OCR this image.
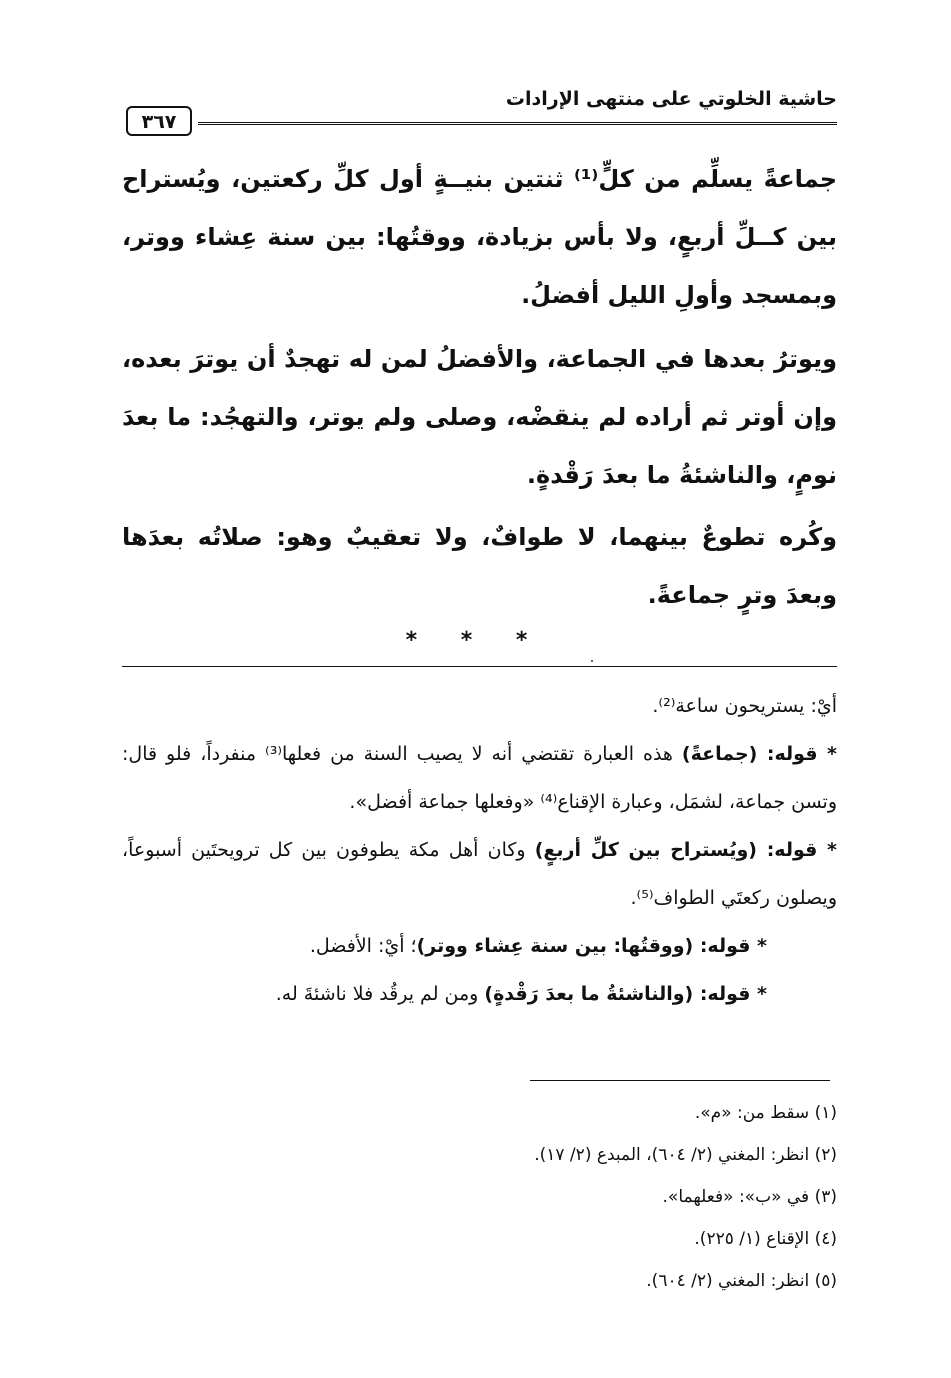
حاشية الخلوتي على منتهى الإرادات
٣٦٧

جماعةً يسلِّم من كلٍّ⁽¹⁾ ثنتين بنيــةٍ أول كلِّ ركعتين، ويُستراح بين كــلِّ أربعٍ، ولا بأس بزيادة، ووقتُها: بين سنة عِشاء ووتر، وبمسجد وأولِ الليل أفضلُ.

ويوترُ بعدها في الجماعة، والأفضلُ لمن له تهجدٌ أن يوترَ بعده، وإن أوتر ثم أراده لم ينقضْه، وصلى ولم يوتر، والتهجُد: ما بعدَ نومٍ، والناشئةُ ما بعدَ رَقْدةٍ.

وكُره تطوعٌ بينهما، لا طوافٌ، ولا تعقيبٌ وهو: صلاتُه بعدَها وبعدَ وترٍ جماعةً.

* * *

أيْ: يستريحون ساعة⁽²⁾.

* قوله: (جماعةً) هذه العبارة تقتضي أنه لا يصيب السنة من فعلها⁽³⁾ منفرداً، فلو قال: وتسن جماعة، لشمَل، وعبارة الإقناع⁽⁴⁾ «وفعلها جماعة أفضل».

* قوله: (ويُستراح بين كلِّ أربعٍ) وكان أهل مكة يطوفون بين كل ترويحتَين أسبوعاً، ويصلون ركعتَي الطواف⁽⁵⁾.

* قوله: (ووقتُها: بين سنة عِشاء ووتر)؛ أيْ: الأفضل.

* قوله: (والناشئةُ ما بعدَ رَقْدةٍ) ومن لم يرقُد فلا ناشئةَ له.

(١) سقط من: «م».
(٢) انظر: المغني (٢/ ٦٠٤)، المبدع (٢/ ١٧).
(٣) في «ب»: «فعلهما».
(٤) الإقناع (١/ ٢٢٥).
(٥) انظر: المغني (٢/ ٦٠٤).
